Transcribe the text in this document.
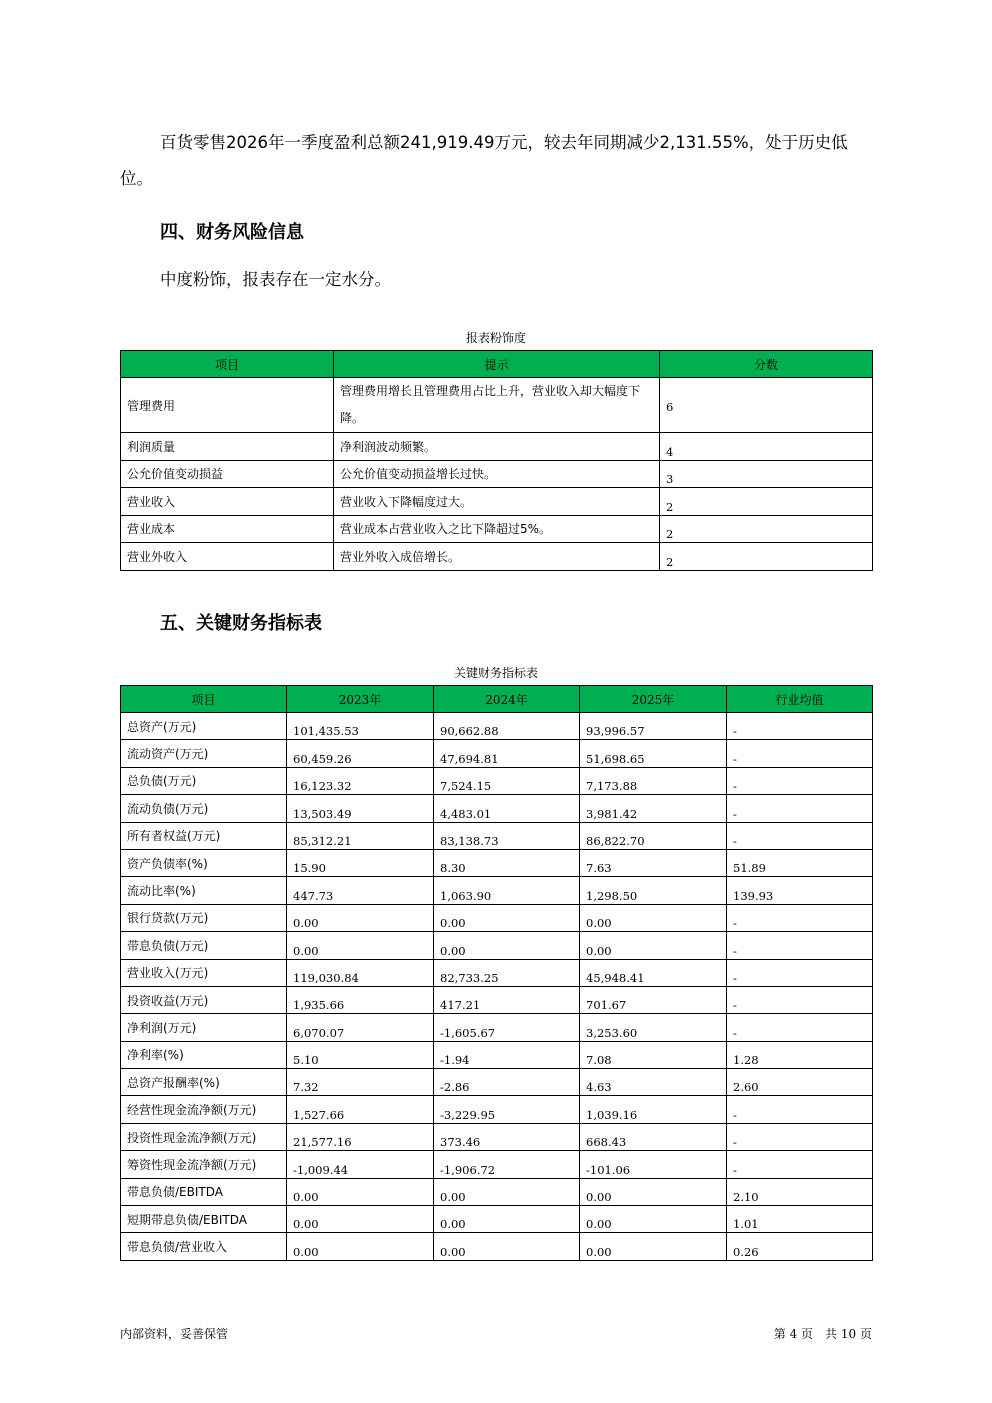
百货零售2026年一季度盈利总额241,919.49万元，较去年同期减少2,131.55%，处于历史低位。
四、财务风险信息
中度粉饰，报表存在一定水分。
报表粉饰度
项目	提示	分数
管理费用	管理费用增长且管理费用占比上升，营业收入却大幅度下降。	6
利润质量	净利润波动频繁。	4
公允价值变动损益	公允价值变动损益增长过快。	3
营业收入	营业收入下降幅度过大。	2
营业成本	营业成本占营业收入之比下降超过5%。	2
营业外收入	营业外收入成倍增长。	2
五、关键财务指标表
关键财务指标表
项目	2023年	2024年	2025年	行业均值
总资产(万元)	101,435.53	90,662.88	93,996.57	-
流动资产(万元)	60,459.26	47,694.81	51,698.65	-
总负债(万元)	16,123.32	7,524.15	7,173.88	-
流动负债(万元)	13,503.49	4,483.01	3,981.42	-
所有者权益(万元)	85,312.21	83,138.73	86,822.70	-
资产负债率(%)	15.90	8.30	7.63	51.89
流动比率(%)	447.73	1,063.90	1,298.50	139.93
银行贷款(万元)	0.00	0.00	0.00	-
带息负债(万元)	0.00	0.00	0.00	-
营业收入(万元)	119,030.84	82,733.25	45,948.41	-
投资收益(万元)	1,935.66	417.21	701.67	-
净利润(万元)	6,070.07	-1,605.67	3,253.60	-
净利率(%)	5.10	-1.94	7.08	1.28
总资产报酬率(%)	7.32	-2.86	4.63	2.60
经营性现金流净额(万元)	1,527.66	-3,229.95	1,039.16	-
投资性现金流净额(万元)	21,577.16	373.46	668.43	-
筹资性现金流净额(万元)	-1,009.44	-1,906.72	-101.06	-
带息负债/EBITDA	0.00	0.00	0.00	2.10
短期带息负债/EBITDA	0.00	0.00	0.00	1.01
带息负债/营业收入	0.00	0.00	0.00	0.26
内部资料，妥善保管	第 4 页　共 10 页
